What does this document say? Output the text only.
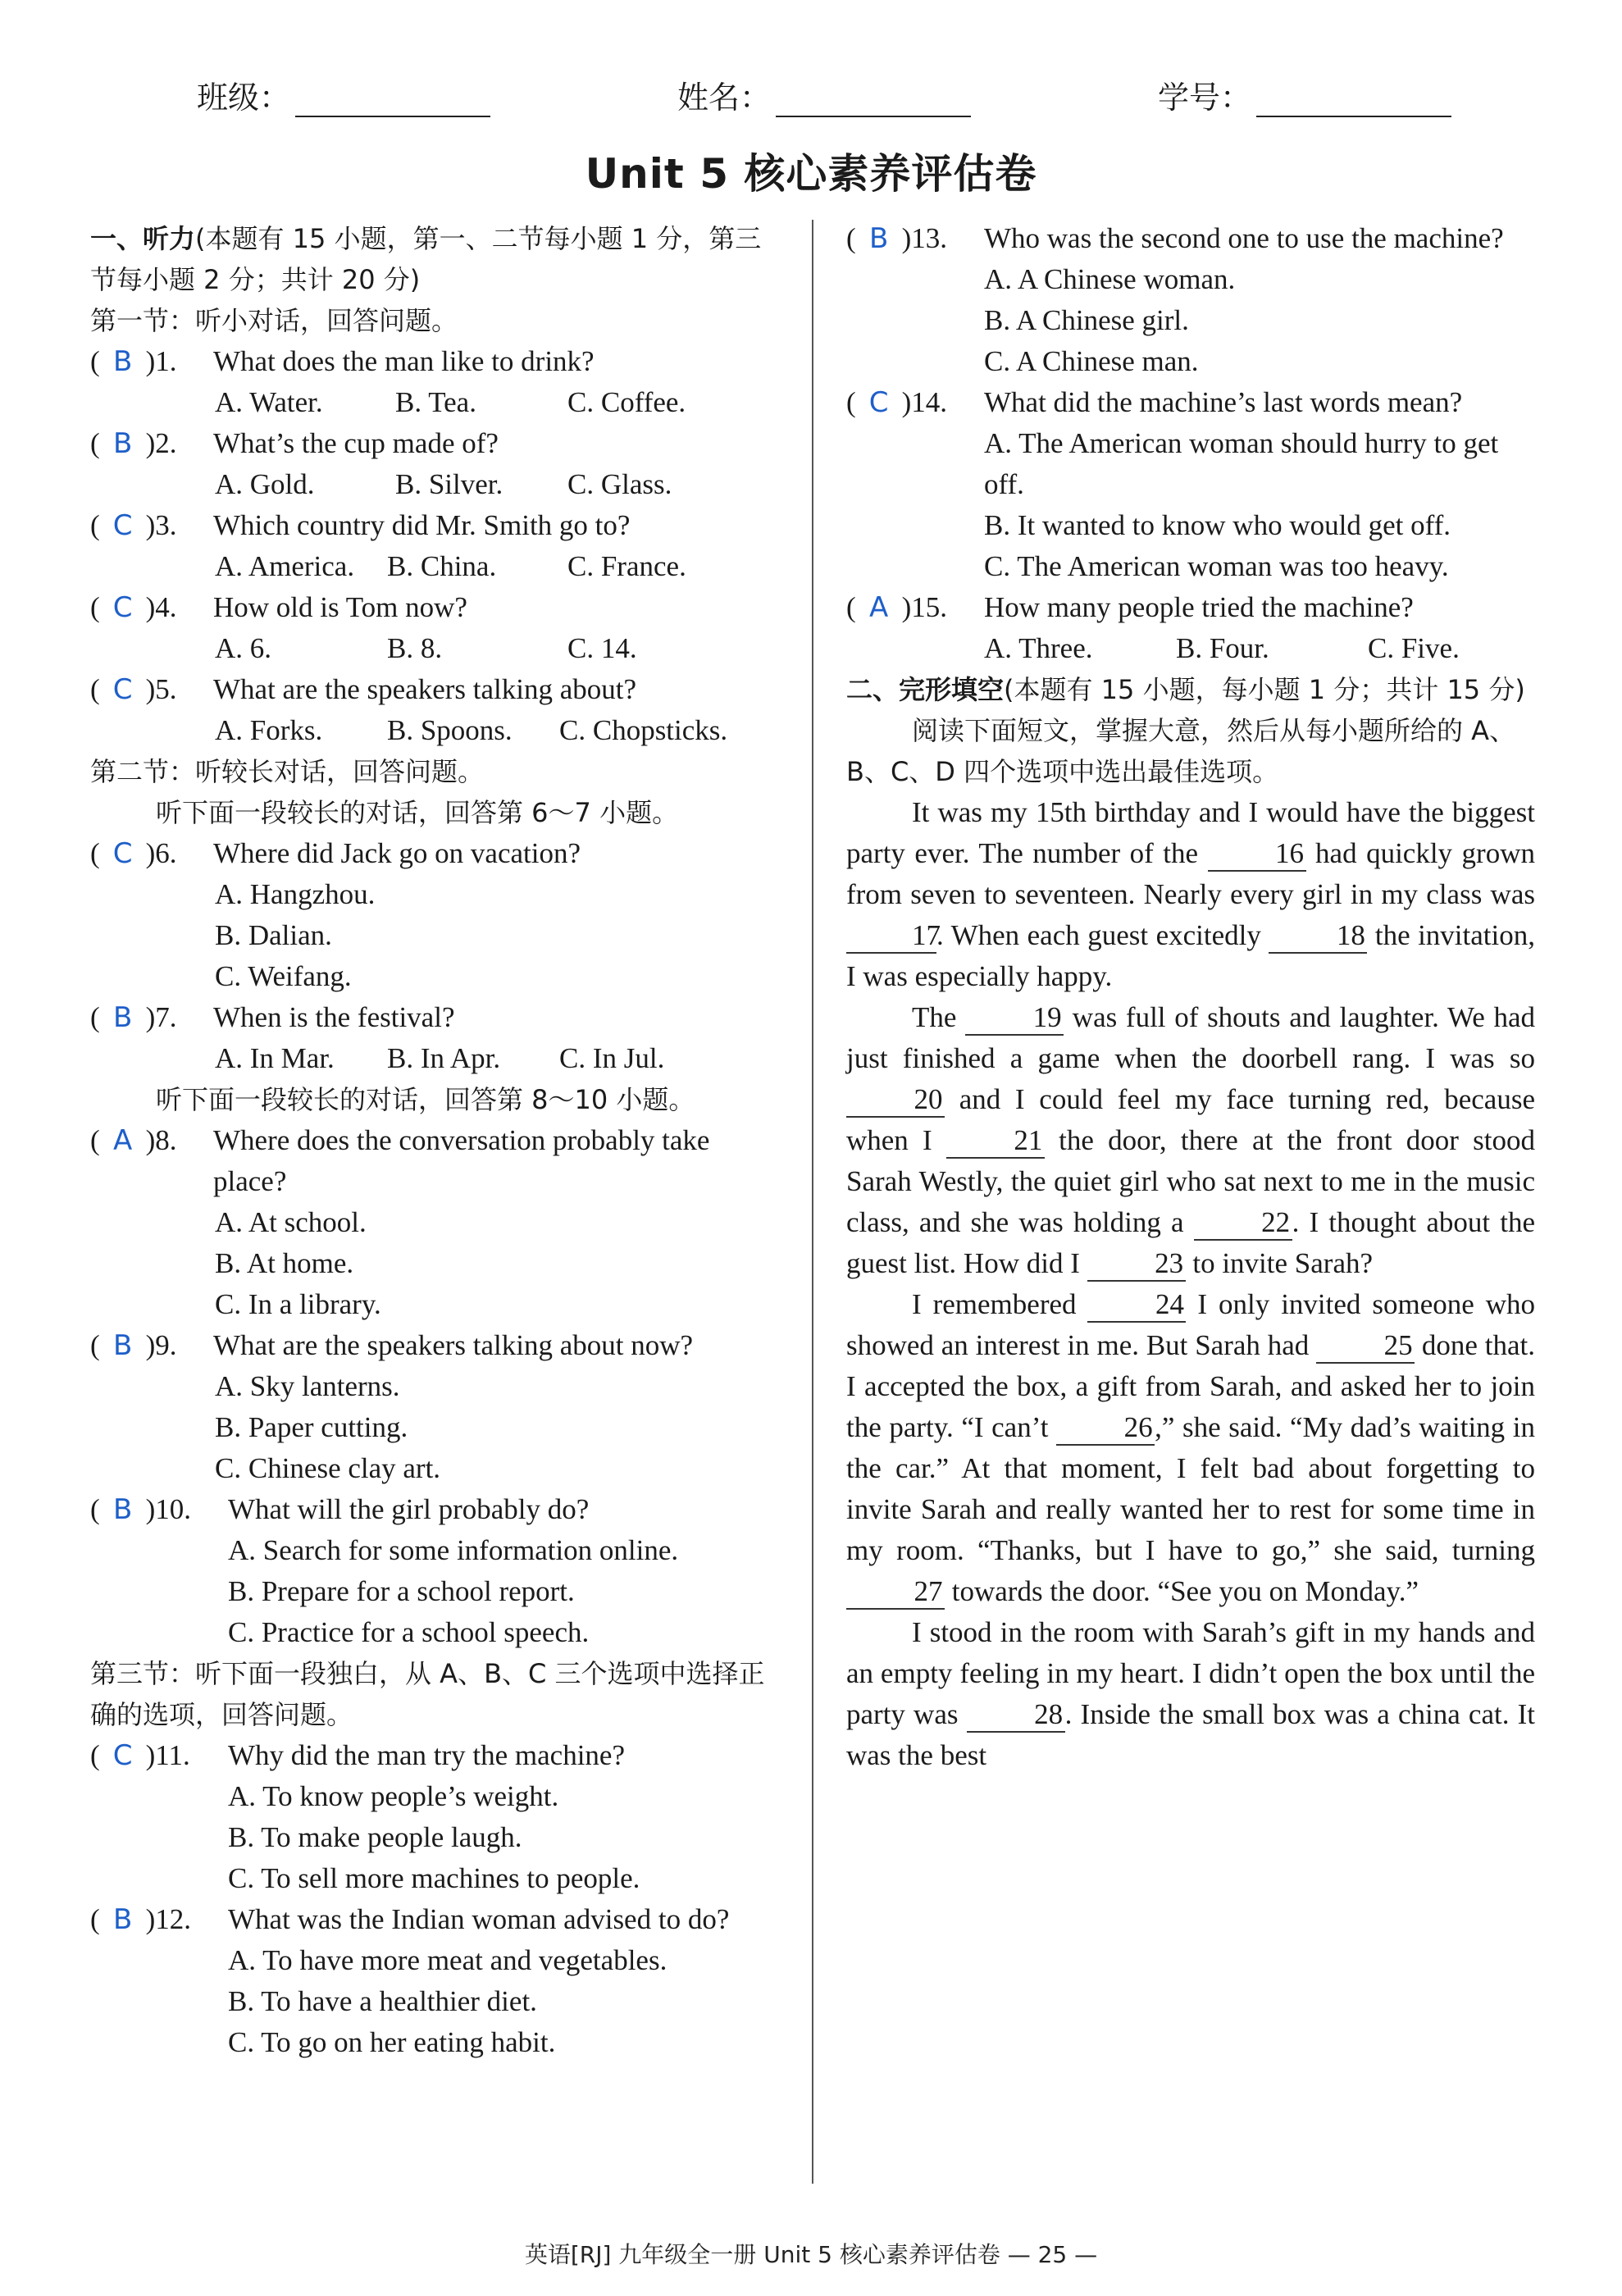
班级：	姓名：	学号：
Unit 5 核心素养评估卷
一、听力(本题有 15 小题，第一、二节每小题 1 分，第三节每小题 2 分；共计 20 分)
第一节：听小对话，回答问题。
( B )1. What does the man like to drink?
A. Water.	B. Tea.	C. Coffee.
( B )2. What’s the cup made of?
A. Gold.	B. Silver. C. Glass.
( C )3. Which country did Mr. Smith go to?
A. America. B. China. C. France.
( C )4. How old is Tom now?
A. 6.	B. 8.	C. 14.
( C )5. What are the speakers talking about?
A. Forks. B. Spoons. C. Chopsticks.
第二节：听较长对话，回答问题。
听下面一段较长的对话，回答第 6～7 小题。
( C )6. Where did Jack go on vacation?
A. Hangzhou.
B. Dalian.
C. Weifang.
( B )7. When is the festival?
A. In Mar. B. In Apr. C. In Jul.
听下面一段较长的对话，回答第 8～10 小题。
( A )8. Where does the conversation probably take place?
A. At school.
B. At home.
C. In a library.
( B )9. What are the speakers talking about now?
A. Sky lanterns.
B. Paper cutting.
C. Chinese clay art.
( B )10. What will the girl probably do?
A. Search for some information online.
B. Prepare for a school report.
C. Practice for a school speech.
第三节：听下面一段独白，从 A、B、C 三个选项中选择正确的选项，回答问题。
( C )11. Why did the man try the machine?
A. To know people’s weight.
B. To make people laugh.
C. To sell more machines to people.
( B )12. What was the Indian woman advised to do?
A. To have more meat and vegetables.
B. To have a healthier diet.
C. To go on her eating habit.
( B )13. Who was the second one to use the machine?
A. A Chinese woman.
B. A Chinese girl.
C. A Chinese man.
( C )14. What did the machine’s last words mean?
A. The American woman should hurry to get off.
B. It wanted to know who would get off.
C. The American woman was too heavy.
( A )15. How many people tried the machine?
A. Three.	B. Four.	C. Five.
二、完形填空(本题有 15 小题，每小题 1 分；共计 15 分)
阅读下面短文，掌握大意，然后从每小题所给的 A、B、C、D 四个选项中选出最佳选项。
It was my 15th birthday and I would have the biggest party ever. The number of the 16 had quickly grown from seven to seventeen. Nearly every girl in my class was 17. When each guest excitedly 18 the invitation, I was especially happy.
The 19 was full of shouts and laughter. We had just finished a game when the doorbell rang. I was so 20 and I could feel my face turning red, because when I 21 the door, there at the front door stood Sarah Westly, the quiet girl who sat next to me in the music class, and she was holding a 22. I thought about the guest list. How did I 23 to invite Sarah?
I remembered 24 I only invited someone who showed an interest in me. But Sarah had 25 done that. I accepted the box, a gift from Sarah, and asked her to join the party. “I can’t 26,” she said. “My dad’s waiting in the car.” At that moment, I felt bad about forgetting to invite Sarah and really wanted her to rest for some time in my room. “Thanks, but I have to go,” she said, turning 27 towards the door. “See you on Monday.”
I stood in the room with Sarah’s gift in my hands and an empty feeling in my heart. I didn’t open the box until the party was 28. Inside the small box was a china cat. It was the best
英语[RJ] 九年级全一册 Unit 5 核心素养评估卷 — 25 —
